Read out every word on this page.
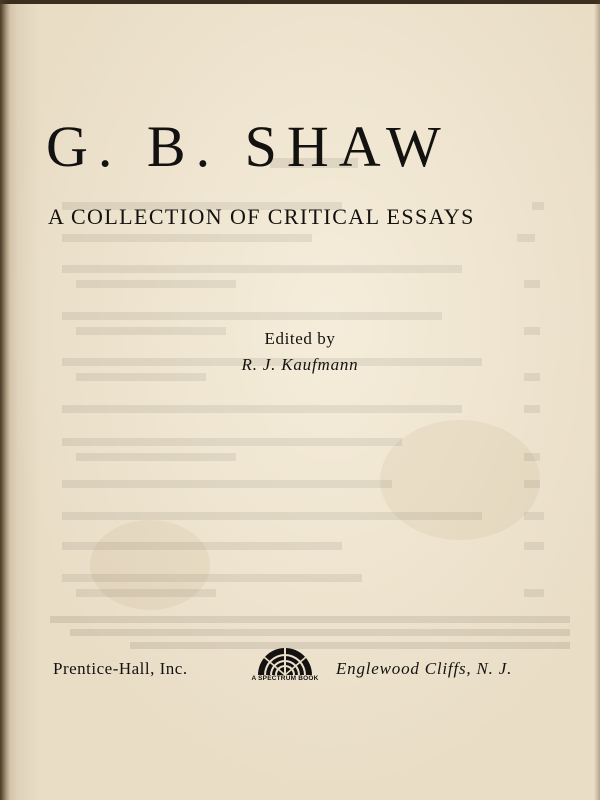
G. B. SHAW
A COLLECTION OF CRITICAL ESSAYS
Edited by
R. J. Kaufmann
Prentice-Hall, Inc.
A SPECTRUM BOOK
Englewood Cliffs, N. J.
